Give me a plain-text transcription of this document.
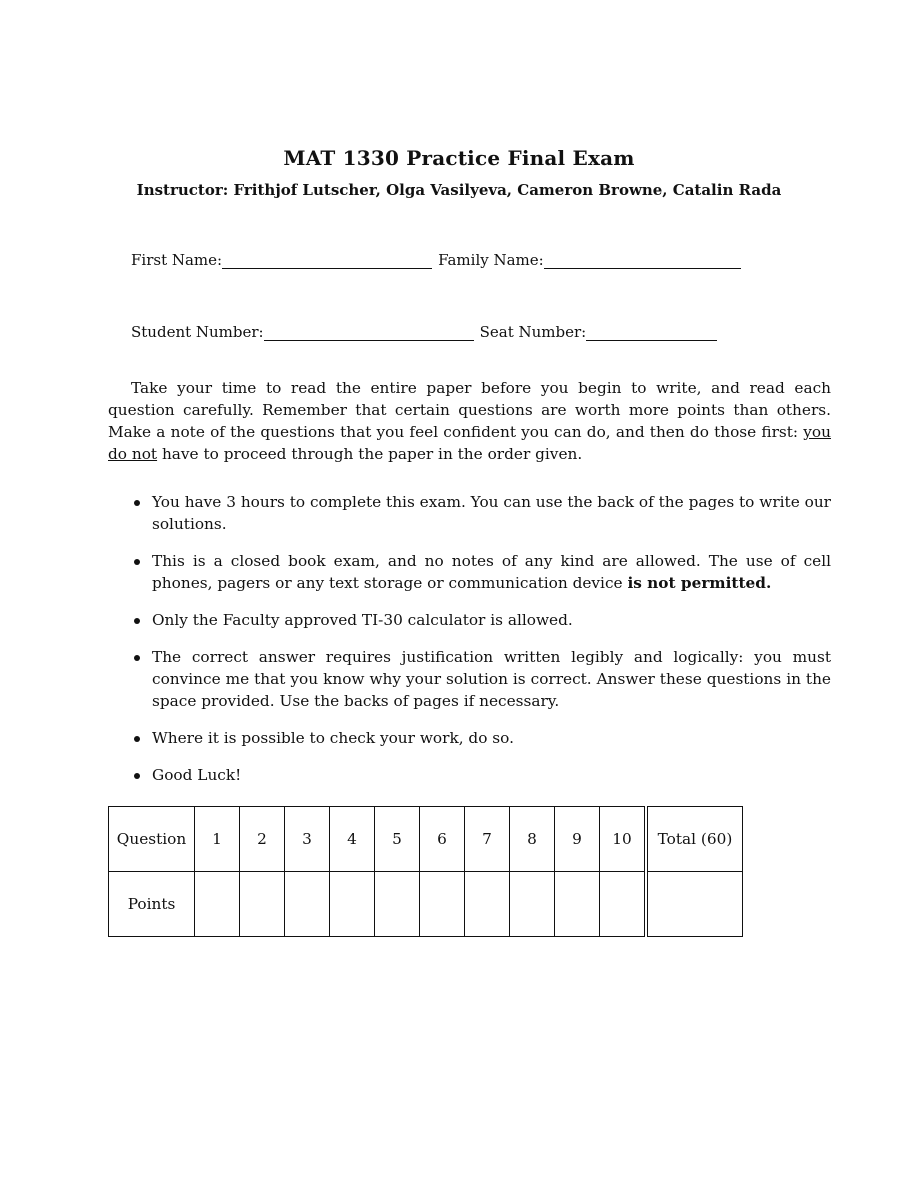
MAT 1330 Practice Final Exam
Instructor: Frithjof Lutscher, Olga Vasilyeva, Cameron Browne, Catalin Rada
First Name:	Family Name:
Student Number:	Seat Number:
Take your time to read the entire paper before you begin to write, and read each question carefully. Remember that certain questions are worth more points than others. Make a note of the questions that you feel confident you can do, and then do those first: you do not have to proceed through the paper in the order given.
You have 3 hours to complete this exam. You can use the back of the pages to write our solutions.
This is a closed book exam, and no notes of any kind are allowed. The use of cell phones, pagers or any text storage or communication device is not permitted.
Only the Faculty approved TI-30 calculator is allowed.
The correct answer requires justification written legibly and logically: you must convince me that you know why your solution is correct. Answer these questions in the space provided. Use the backs of pages if necessary.
Where it is possible to check your work, do so.
Good Luck!
Question	1	2	3	4	5	6	7	8	9	10	Total (60)
Points											
